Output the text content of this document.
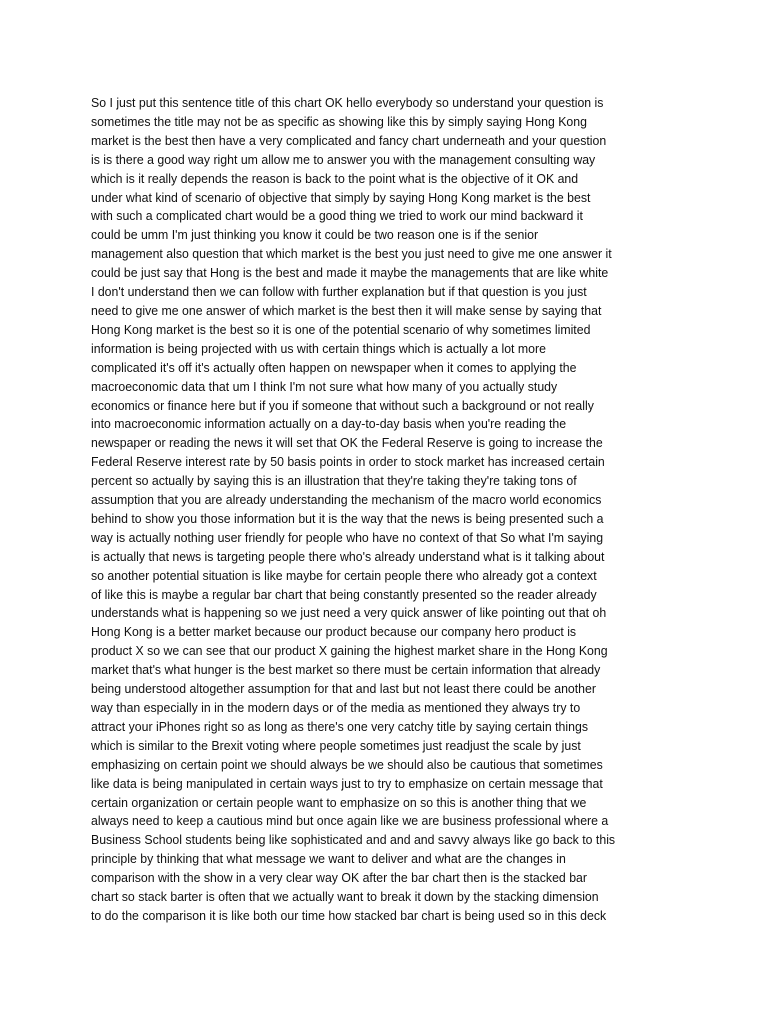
So I just put this sentence title of this chart OK hello everybody so understand your question is
sometimes the title may not be as specific as showing like this by simply saying Hong Kong
market is the best then have a very complicated and fancy chart underneath and your question
is is there a good way right um allow me to answer you with the management consulting way
which is it really depends the reason is back to the point what is the objective of it OK and
under what kind of scenario of objective that simply by saying Hong Kong market is the best
with such a complicated chart would be a good thing we tried to work our mind backward it
could be umm I'm just thinking you know it could be two reason one is if the senior
management also question that which market is the best you just need to give me one answer it
could be just say that Hong is the best and made it maybe the managements that are like white
I don't understand then we can follow with further explanation but if that question is you just
need to give me one answer of which market is the best then it will make sense by saying that
Hong Kong market is the best so it is one of the potential scenario of why sometimes limited
information is being projected with us with certain things which is actually a lot more
complicated it's off it's actually often happen on newspaper when it comes to applying the
macroeconomic data that um I think I'm not sure what how many of you actually study
economics or finance here but if you if someone that without such a background or not really
into macroeconomic information actually on a day-to-day basis when you're reading the
newspaper or reading the news it will set that OK the Federal Reserve is going to increase the
Federal Reserve interest rate by 50 basis points in order to stock market has increased certain
percent so actually by saying this is an illustration that they're taking they're taking tons of
assumption that you are already understanding the mechanism of the macro world economics
behind to show you those information but it is the way that the news is being presented such a
way is actually nothing user friendly for people who have no context of that So what I'm saying
is actually that news is targeting people there who's already understand what is it talking about
so another potential situation is like maybe for certain people there who already got a context
of like this is maybe a regular bar chart that being constantly presented so the reader already
understands what is happening so we just need a very quick answer of like pointing out that oh
Hong Kong is a better market because our product because our company hero product is
product X so we can see that our product X gaining the highest market share in the Hong Kong
market that's what hunger is the best market so there must be certain information that already
being understood altogether assumption for that and last but not least there could be another
way than especially in in the modern days or of the media as mentioned they always try to
attract your iPhones right so as long as there's one very catchy title by saying certain things
which is similar to the Brexit voting where people sometimes just readjust the scale by just
emphasizing on certain point we should always be we should also be cautious that sometimes
like data is being manipulated in certain ways just to try to emphasize on certain message that
certain organization or certain people want to emphasize on so this is another thing that we
always need to keep a cautious mind but once again like we are business professional where a
Business School students being like sophisticated and and and savvy always like go back to this
principle by thinking that what message we want to deliver and what are the changes in
comparison with the show in a very clear way OK after the bar chart then is the stacked bar
chart so stack barter is often that we actually want to break it down by the stacking dimension
to do the comparison it is like both our time how stacked bar chart is being used so in this deck
